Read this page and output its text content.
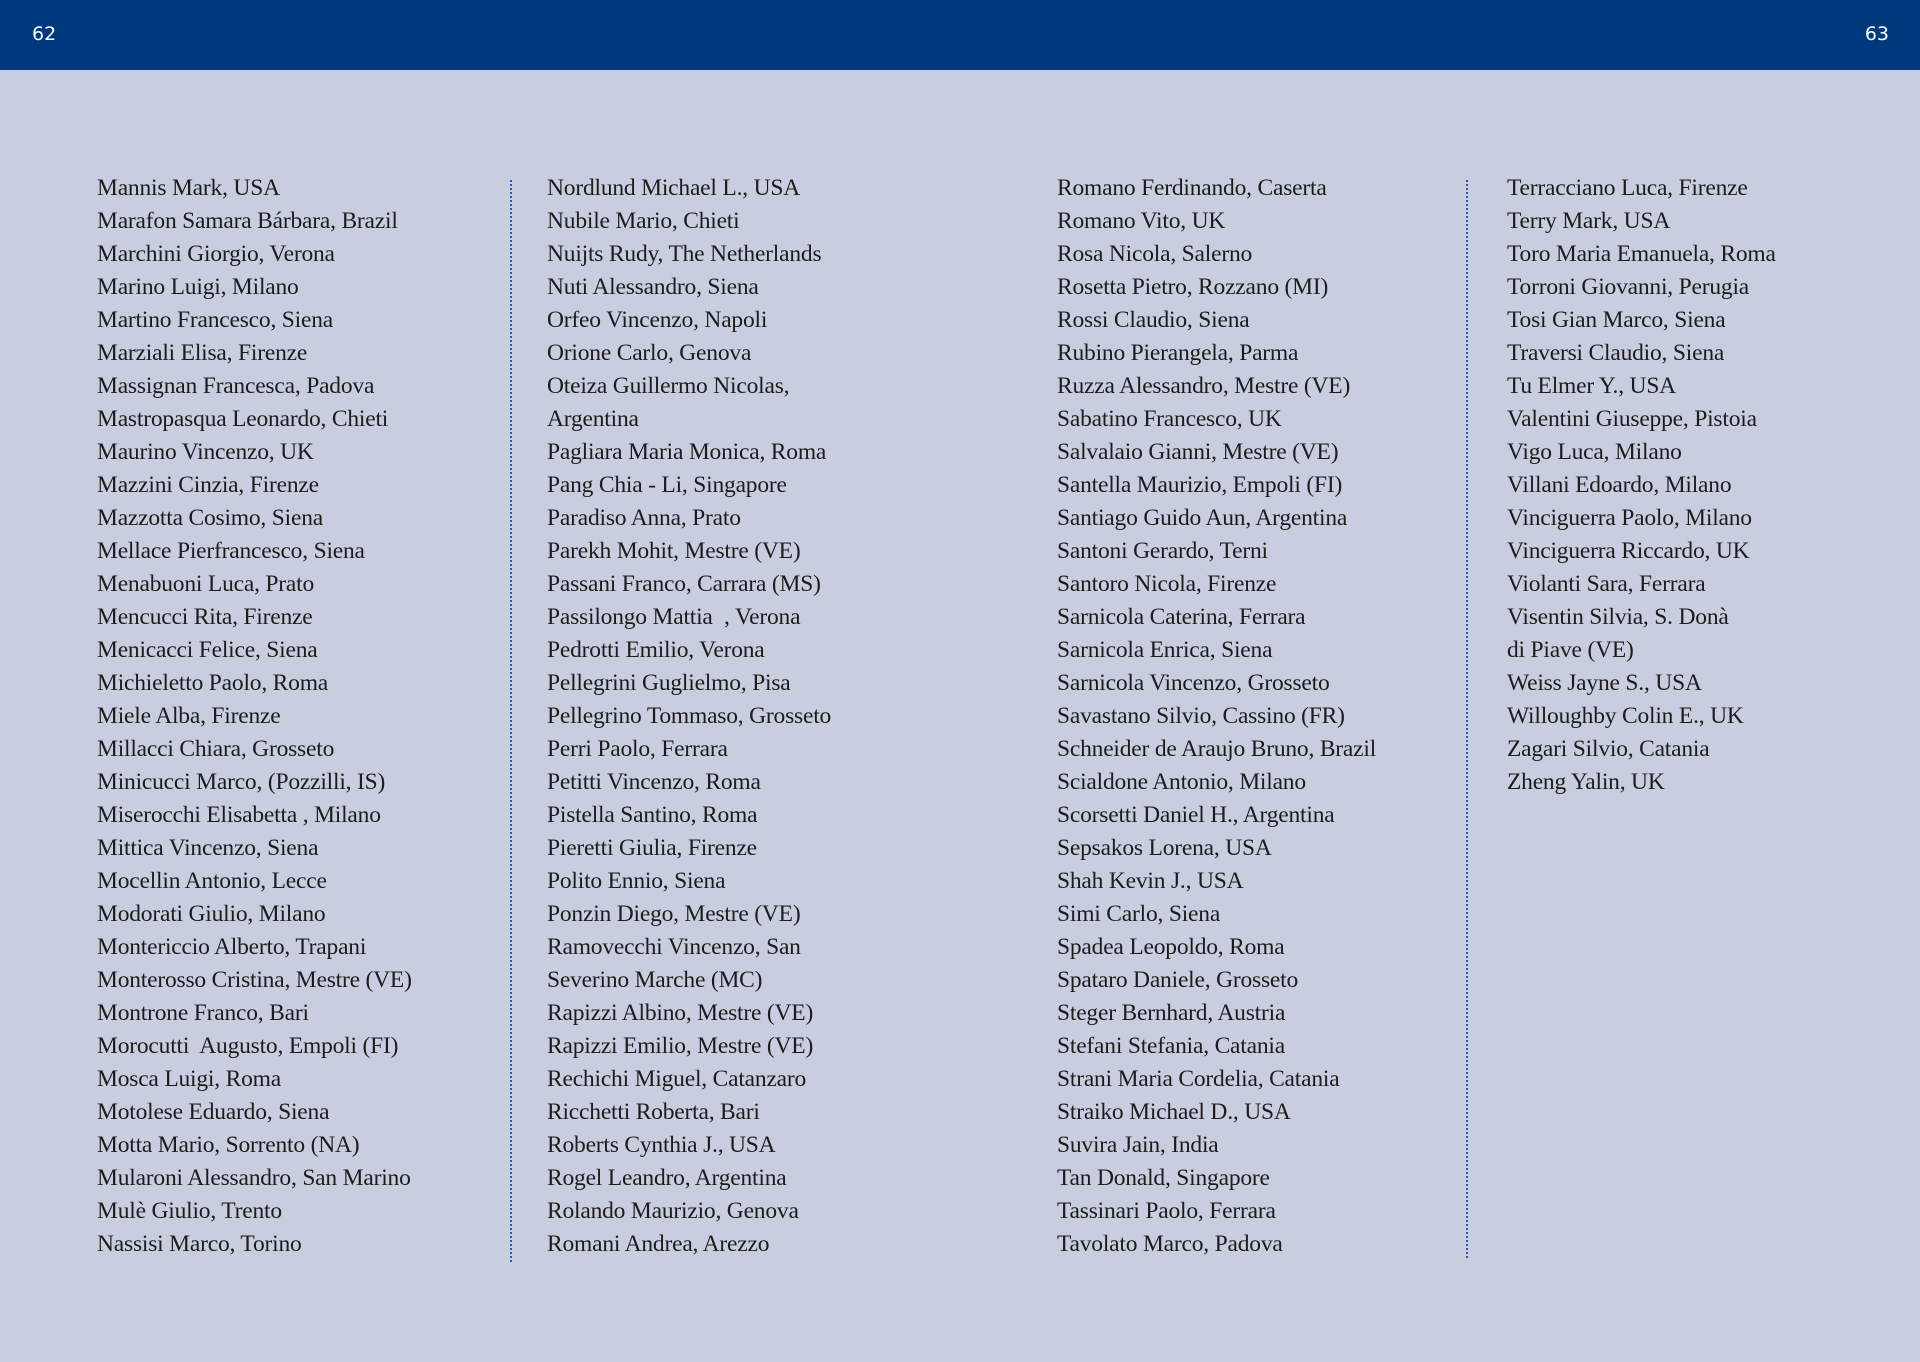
62	63
Mannis Mark, USA
Marafon Samara Bárbara, Brazil
Marchini Giorgio, Verona
Marino Luigi, Milano
Martino Francesco, Siena
Marziali Elisa, Firenze
Massignan Francesca, Padova
Mastropasqua Leonardo, Chieti
Maurino Vincenzo, UK
Mazzini Cinzia, Firenze
Mazzotta Cosimo, Siena
Mellace Pierfrancesco, Siena
Menabuoni Luca, Prato
Mencucci Rita, Firenze
Menicacci Felice, Siena
Michieletto Paolo, Roma
Miele Alba, Firenze
Millacci Chiara, Grosseto
Minicucci Marco, (Pozzilli, IS)
Miserocchi Elisabetta , Milano
Mittica Vincenzo, Siena
Mocellin Antonio, Lecce
Modorati Giulio, Milano
Montericcio Alberto, Trapani
Monterosso Cristina, Mestre (VE)
Montrone Franco, Bari
Morocutti  Augusto, Empoli (FI)
Mosca Luigi, Roma
Motolese Eduardo, Siena
Motta Mario, Sorrento (NA)
Mularoni Alessandro, San Marino
Mulè Giulio, Trento
Nassisi Marco, Torino
Nordlund Michael L., USA
Nubile Mario, Chieti
Nuijts Rudy, The Netherlands
Nuti Alessandro, Siena
Orfeo Vincenzo, Napoli
Orione Carlo, Genova
Oteiza Guillermo Nicolas,
Argentina
Pagliara Maria Monica, Roma
Pang Chia - Li, Singapore
Paradiso Anna, Prato
Parekh Mohit, Mestre (VE)
Passani Franco, Carrara (MS)
Passilongo Mattia  , Verona
Pedrotti Emilio, Verona
Pellegrini Guglielmo, Pisa
Pellegrino Tommaso, Grosseto
Perri Paolo, Ferrara
Petitti Vincenzo, Roma
Pistella Santino, Roma
Pieretti Giulia, Firenze
Polito Ennio, Siena
Ponzin Diego, Mestre (VE)
Ramovecchi Vincenzo, San
Severino Marche (MC)
Rapizzi Albino, Mestre (VE)
Rapizzi Emilio, Mestre (VE)
Rechichi Miguel, Catanzaro
Ricchetti Roberta, Bari
Roberts Cynthia J., USA
Rogel Leandro, Argentina
Rolando Maurizio, Genova
Romani Andrea, Arezzo
Romano Ferdinando, Caserta
Romano Vito, UK
Rosa Nicola, Salerno
Rosetta Pietro, Rozzano (MI)
Rossi Claudio, Siena
Rubino Pierangela, Parma
Ruzza Alessandro, Mestre (VE)
Sabatino Francesco, UK
Salvalaio Gianni, Mestre (VE)
Santella Maurizio, Empoli (FI)
Santiago Guido Aun, Argentina
Santoni Gerardo, Terni
Santoro Nicola, Firenze
Sarnicola Caterina, Ferrara
Sarnicola Enrica, Siena
Sarnicola Vincenzo, Grosseto
Savastano Silvio, Cassino (FR)
Schneider de Araujo Bruno, Brazil
Scialdone Antonio, Milano
Scorsetti Daniel H., Argentina
Sepsakos Lorena, USA
Shah Kevin J., USA
Simi Carlo, Siena
Spadea Leopoldo, Roma
Spataro Daniele, Grosseto
Steger Bernhard, Austria
Stefani Stefania, Catania
Strani Maria Cordelia, Catania
Straiko Michael D., USA
Suvira Jain, India
Tan Donald, Singapore
Tassinari Paolo, Ferrara
Tavolato Marco, Padova
Terracciano Luca, Firenze
Terry Mark, USA
Toro Maria Emanuela, Roma
Torroni Giovanni, Perugia
Tosi Gian Marco, Siena
Traversi Claudio, Siena
Tu Elmer Y., USA
Valentini Giuseppe, Pistoia
Vigo Luca, Milano
Villani Edoardo, Milano
Vinciguerra Paolo, Milano
Vinciguerra Riccardo, UK
Violanti Sara, Ferrara
Visentin Silvia, S. Donà
di Piave (VE)
Weiss Jayne S., USA
Willoughby Colin E., UK
Zagari Silvio, Catania
Zheng Yalin, UK
